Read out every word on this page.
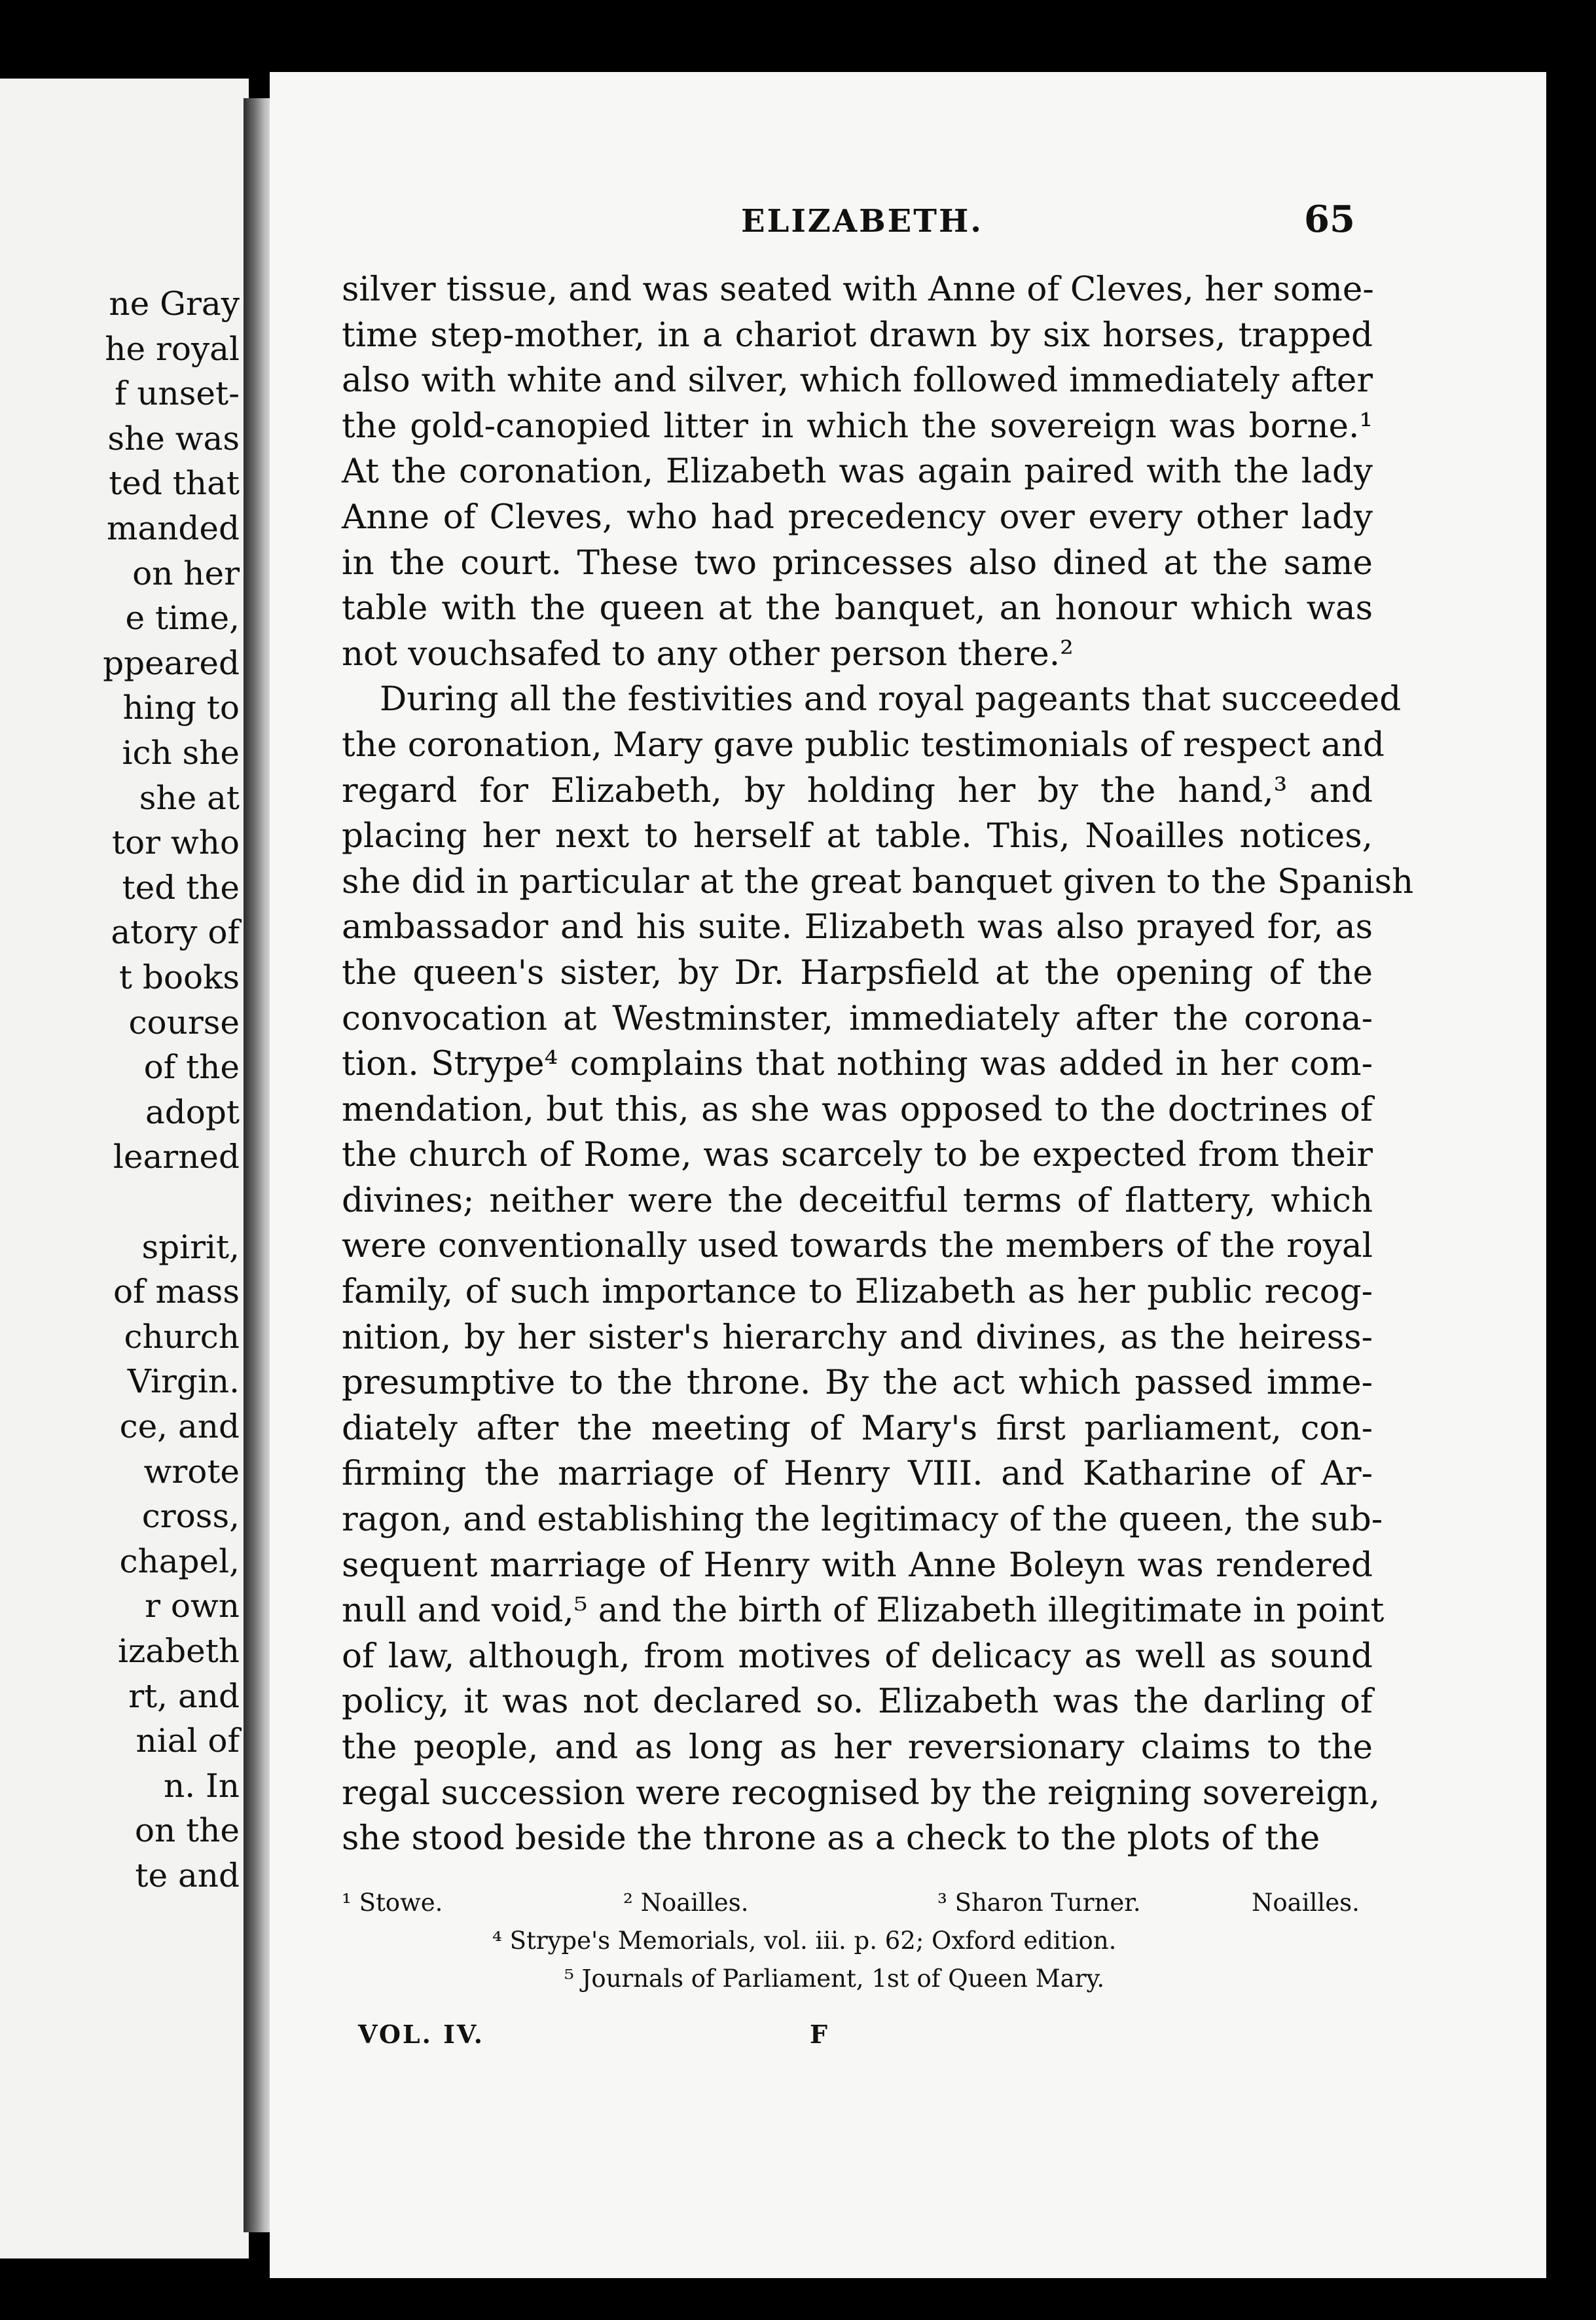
ne Gray
he royal
f unset-
she was
ted that
manded
on her
e time,
ppeared
hing to
ich she
she at
tor who
ted the
atory of
t books
course
of the
adopt
learned
spirit,
of mass
church
Virgin.
ce, and
wrote
cross,
chapel,
r own
izabeth
rt, and
nial of
n. In
on the
te and
ELIZABETH.	65
silver tissue, and was seated with Anne of Cleves, her some-
time step-mother, in a chariot drawn by six horses, trapped
also with white and silver, which followed immediately after
the gold-canopied litter in which the sovereign was borne.¹
At the coronation, Elizabeth was again paired with the lady
Anne of Cleves, who had precedency over every other lady
in the court. These two princesses also dined at the same
table with the queen at the banquet, an honour which was
not vouchsafed to any other person there.²
During all the festivities and royal pageants that succeeded
the coronation, Mary gave public testimonials of respect and
regard for Elizabeth, by holding her by the hand,³ and
placing her next to herself at table. This, Noailles notices,
she did in particular at the great banquet given to the Spanish
ambassador and his suite. Elizabeth was also prayed for, as
the queen's sister, by Dr. Harpsfield at the opening of the
convocation at Westminster, immediately after the corona-
tion. Strype⁴ complains that nothing was added in her com-
mendation, but this, as she was opposed to the doctrines of
the church of Rome, was scarcely to be expected from their
divines; neither were the deceitful terms of flattery, which
were conventionally used towards the members of the royal
family, of such importance to Elizabeth as her public recog-
nition, by her sister's hierarchy and divines, as the heiress-
presumptive to the throne. By the act which passed imme-
diately after the meeting of Mary's first parliament, con-
firming the marriage of Henry VIII. and Katharine of Ar-
ragon, and establishing the legitimacy of the queen, the sub-
sequent marriage of Henry with Anne Boleyn was rendered
null and void,⁵ and the birth of Elizabeth illegitimate in point
of law, although, from motives of delicacy as well as sound
policy, it was not declared so. Elizabeth was the darling of
the people, and as long as her reversionary claims to the
regal succession were recognised by the reigning sovereign,
she stood beside the throne as a check to the plots of the
¹ Stowe.	² Noailles.	³ Sharon Turner.	Noailles.
⁴ Strype's Memorials, vol. iii. p. 62; Oxford edition.
⁵ Journals of Parliament, 1st of Queen Mary.
VOL. IV.	F
